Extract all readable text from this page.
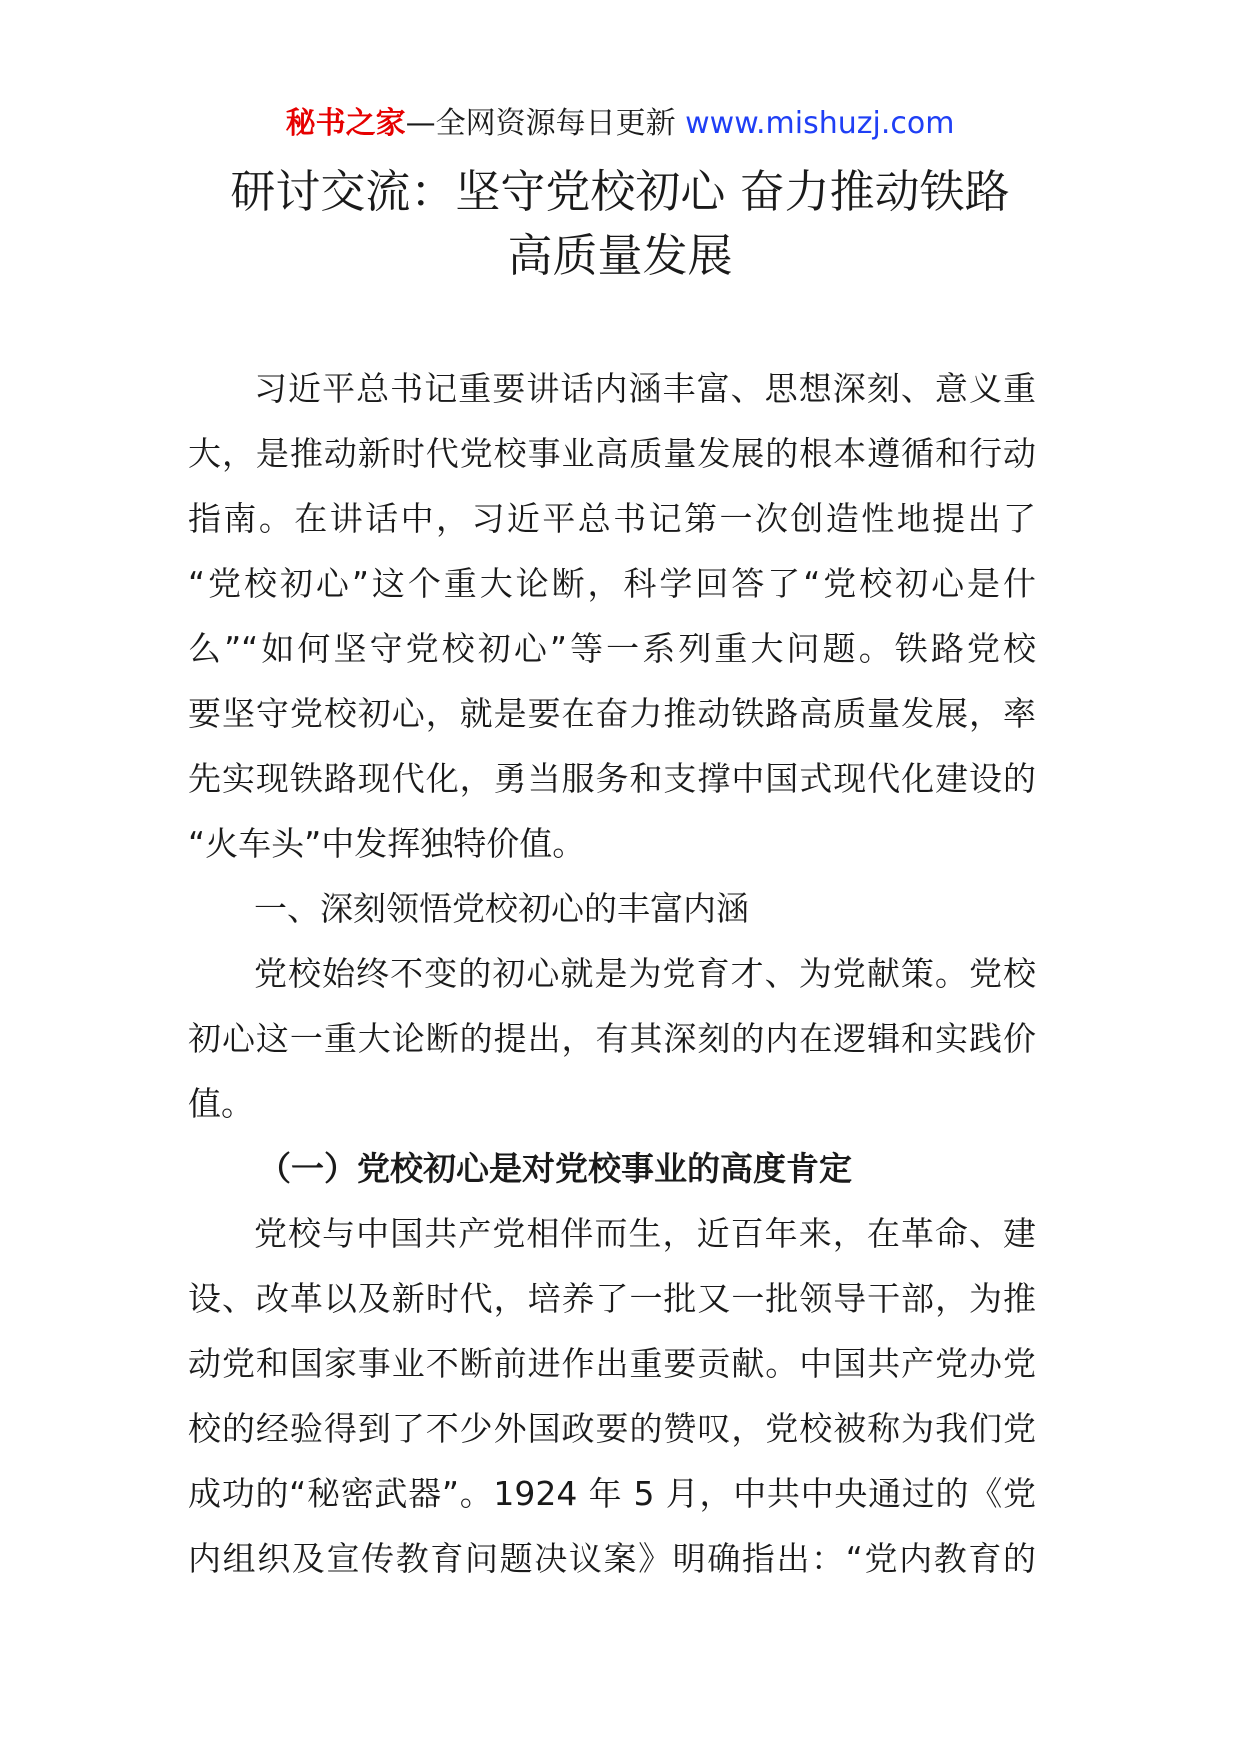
秘书之家—全网资源每日更新 www.mishuzj.com
研讨交流：坚守党校初心 奋力推动铁路
高质量发展
习近平总书记重要讲话内涵丰富、思想深刻、意义重
大，是推动新时代党校事业高质量发展的根本遵循和行动
指南。在讲话中，习近平总书记第一次创造性地提出了
“党校初心”这个重大论断，科学回答了“党校初心是什
么”“如何坚守党校初心”等一系列重大问题。铁路党校
要坚守党校初心，就是要在奋力推动铁路高质量发展，率
先实现铁路现代化，勇当服务和支撑中国式现代化建设的
“火车头”中发挥独特价值。
一、深刻领悟党校初心的丰富内涵
党校始终不变的初心就是为党育才、为党献策。党校
初心这一重大论断的提出，有其深刻的内在逻辑和实践价
值。
（一）党校初心是对党校事业的高度肯定
党校与中国共产党相伴而生，近百年来，在革命、建
设、改革以及新时代，培养了一批又一批领导干部，为推
动党和国家事业不断前进作出重要贡献。中国共产党办党
校的经验得到了不少外国政要的赞叹，党校被称为我们党
成功的“秘密武器”。1924 年 5 月，中共中央通过的《党
内组织及宣传教育问题决议案》明确指出：“党内教育的
